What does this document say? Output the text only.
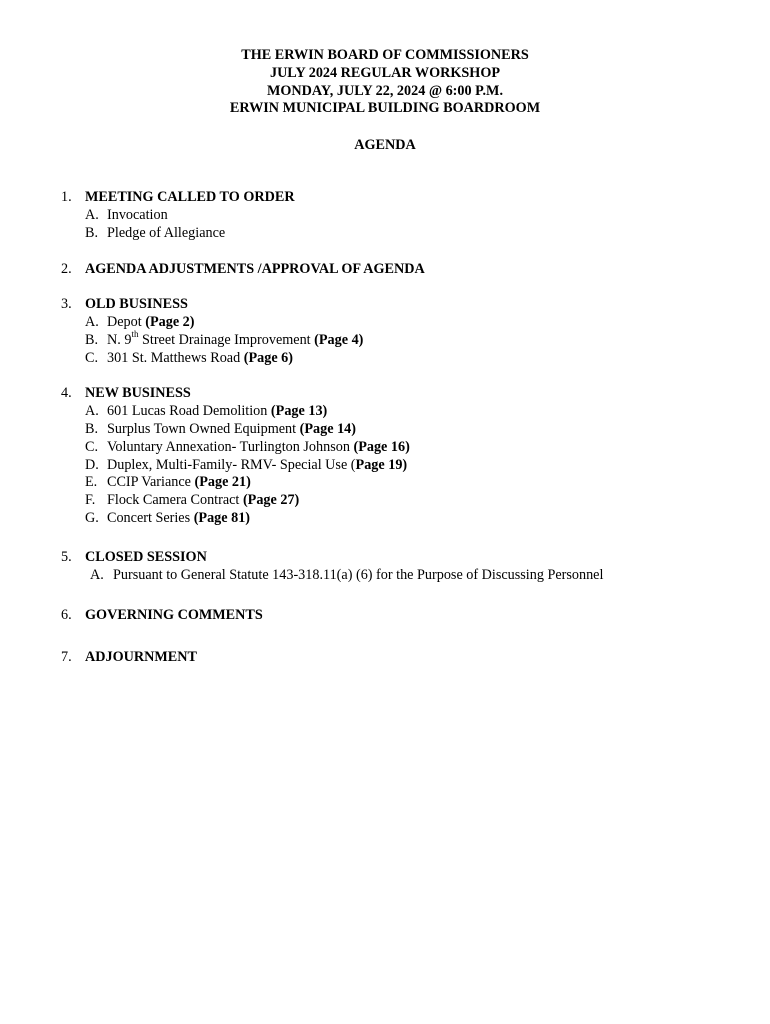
THE ERWIN BOARD OF COMMISSIONERS
JULY 2024 REGULAR WORKSHOP
MONDAY, JULY 22, 2024 @ 6:00 P.M.
ERWIN MUNICIPAL BUILDING BOARDROOM
AGENDA
1. MEETING CALLED TO ORDER
A. Invocation
B. Pledge of Allegiance
2. AGENDA ADJUSTMENTS /APPROVAL OF AGENDA
3. OLD BUSINESS
A. Depot (Page 2)
B. N. 9th Street Drainage Improvement (Page 4)
C. 301 St. Matthews Road (Page 6)
4. NEW BUSINESS
A. 601 Lucas Road Demolition (Page 13)
B. Surplus Town Owned Equipment (Page 14)
C. Voluntary Annexation- Turlington Johnson (Page 16)
D. Duplex, Multi-Family- RMV- Special Use (Page 19)
E. CCIP Variance (Page 21)
F. Flock Camera Contract (Page 27)
G. Concert Series (Page 81)
5. CLOSED SESSION
A. Pursuant to General Statute 143-318.11(a) (6) for the Purpose of Discussing Personnel
6. GOVERNING COMMENTS
7. ADJOURNMENT
